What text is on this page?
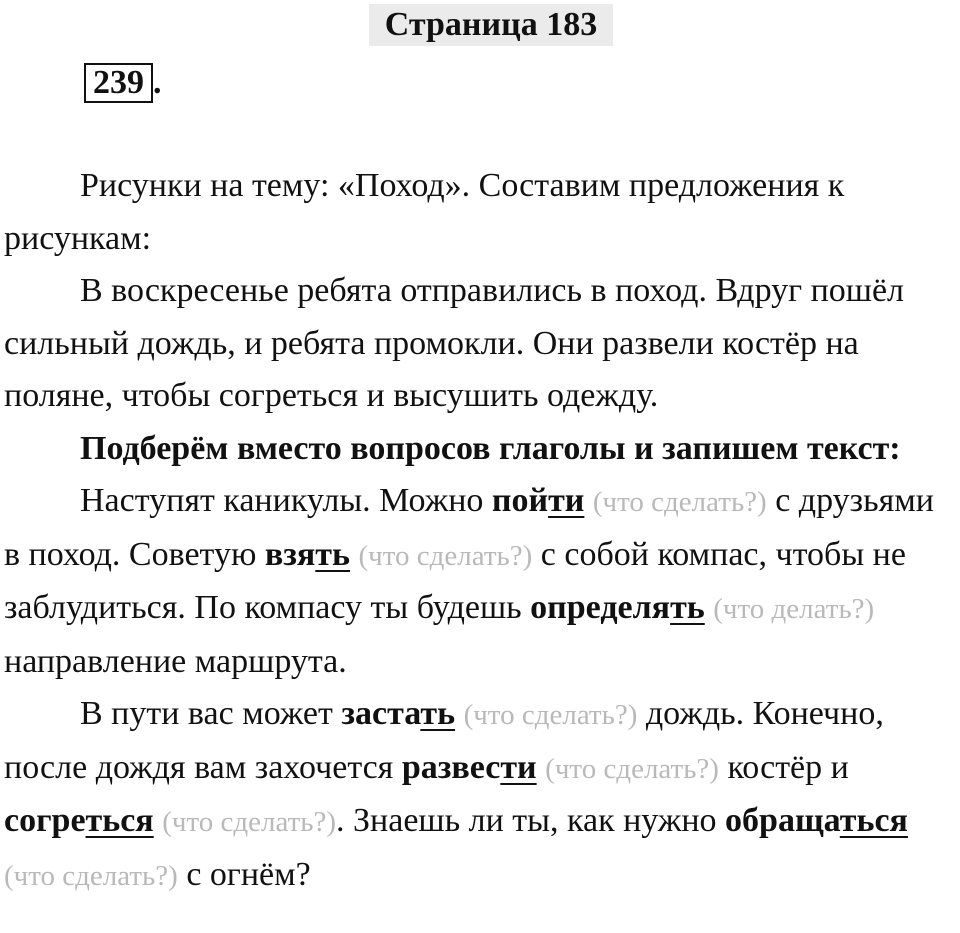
Страница 183
239 .

Рисунки на тему: «Поход». Составим предложения к рисункам:

В воскресенье ребята отправились в поход. Вдруг пошёл сильный дождь, и ребята промокли. Они развели костёр на поляне, чтобы согреться и высушить одежду.

Подберём вместо вопросов глаголы и запишем текст:

Наступят каникулы. Можно пойти (что сделать?) с друзьями в поход. Советую взять (что сделать?) с собой компас, чтобы не заблудиться. По компасу ты будешь определять (что делать?) направление маршрута.

В пути вас может застать (что сделать?) дождь. Конечно, после дождя вам захочется развести (что сделать?) костёр и согреться (что сделать?). Знаешь ли ты, как нужно обращаться (что сделать?) с огнём?
